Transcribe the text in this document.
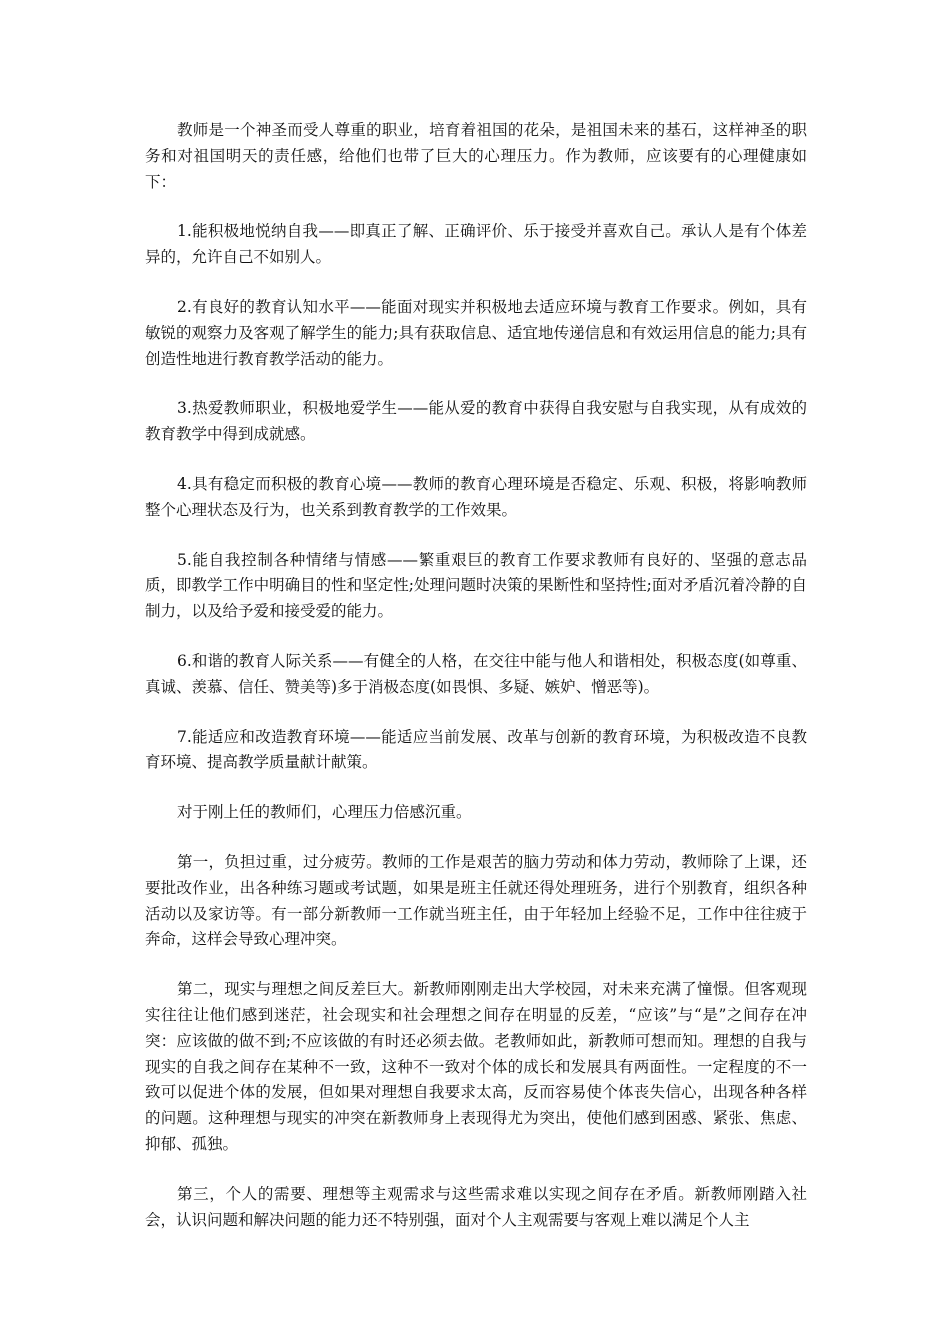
教师是一个神圣而受人尊重的职业，培育着祖国的花朵，是祖国未来的基石，这样神圣的职务和对祖国明天的责任感，给他们也带了巨大的心理压力。作为教师，应该要有的心理健康如下：

1.能积极地悦纳自我——即真正了解、正确评价、乐于接受并喜欢自己。承认人是有个体差异的，允许自己不如别人。

2.有良好的教育认知水平——能面对现实并积极地去适应环境与教育工作要求。例如，具有敏锐的观察力及客观了解学生的能力;具有获取信息、适宜地传递信息和有效运用信息的能力;具有创造性地进行教育教学活动的能力。

3.热爱教师职业，积极地爱学生——能从爱的教育中获得自我安慰与自我实现，从有成效的教育教学中得到成就感。

4.具有稳定而积极的教育心境——教师的教育心理环境是否稳定、乐观、积极，将影响教师整个心理状态及行为，也关系到教育教学的工作效果。

5.能自我控制各种情绪与情感——繁重艰巨的教育工作要求教师有良好的、坚强的意志品质，即教学工作中明确目的性和坚定性;处理问题时决策的果断性和坚持性;面对矛盾沉着冷静的自制力，以及给予爱和接受爱的能力。

6.和谐的教育人际关系——有健全的人格，在交往中能与他人和谐相处，积极态度(如尊重、真诚、羡慕、信任、赞美等)多于消极态度(如畏惧、多疑、嫉妒、憎恶等)。

7.能适应和改造教育环境——能适应当前发展、改革与创新的教育环境，为积极改造不良教育环境、提高教学质量献计献策。

对于刚上任的教师们，心理压力倍感沉重。

第一，负担过重，过分疲劳。教师的工作是艰苦的脑力劳动和体力劳动，教师除了上课，还要批改作业，出各种练习题或考试题，如果是班主任就还得处理班务，进行个别教育，组织各种活动以及家访等。有一部分新教师一工作就当班主任，由于年轻加上经验不足，工作中往往疲于奔命，这样会导致心理冲突。

第二，现实与理想之间反差巨大。新教师刚刚走出大学校园，对未来充满了憧憬。但客观现实往往让他们感到迷茫，社会现实和社会理想之间存在明显的反差，“应该”与“是”之间存在冲突：应该做的做不到;不应该做的有时还必须去做。老教师如此，新教师可想而知。理想的自我与现实的自我之间存在某种不一致，这种不一致对个体的成长和发展具有两面性。一定程度的不一致可以促进个体的发展，但如果对理想自我要求太高，反而容易使个体丧失信心，出现各种各样的问题。这种理想与现实的冲突在新教师身上表现得尤为突出，使他们感到困惑、紧张、焦虑、抑郁、孤独。

第三，个人的需要、理想等主观需求与这些需求难以实现之间存在矛盾。新教师刚踏入社会，认识问题和解决问题的能力还不特别强，面对个人主观需要与客观上难以满足个人主
